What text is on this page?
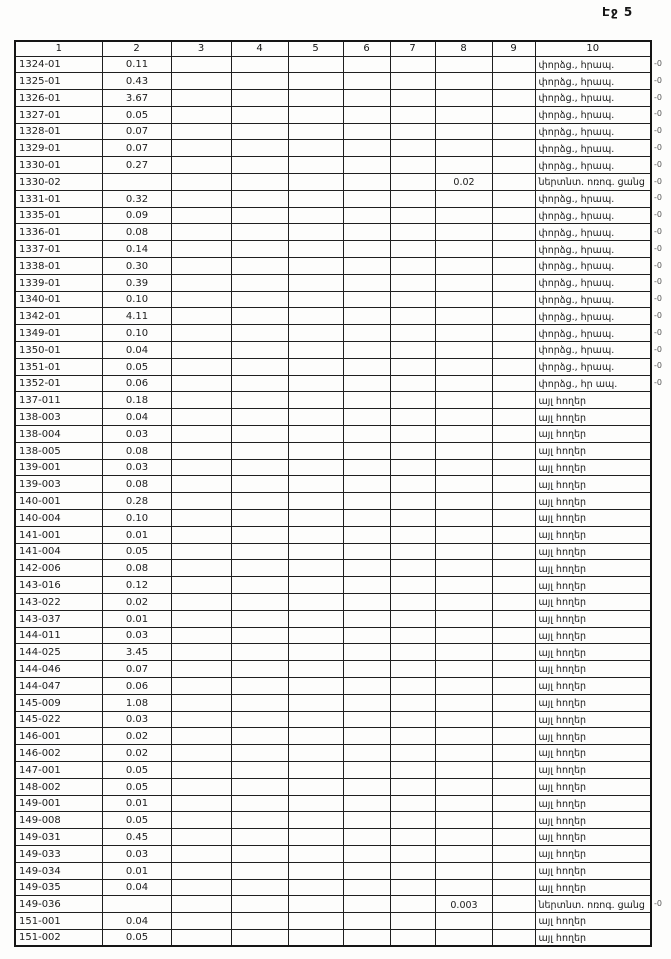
Էջ 5
1	2	3	4	5	6	7	8	9	10
1324-01	0.11								փորձց., հրապ.
1325-01	0.43								փորձց., հրապ.
1326-01	3.67								փորձց., հրապ.
1327-01	0.05								փորձց., հրապ.
1328-01	0.07								փորձց., հրապ.
1329-01	0.07								փորձց., հրապ.
1330-01	0.27								փորձց., հրապ.
1330-02							0.02		ներտնտ. ոռոգ. ցանց
1331-01	0.32								փորձց., հրապ.
1335-01	0.09								փորձց., հրապ.
1336-01	0.08								փորձց., հրապ.
1337-01	0.14								փորձց., հրապ.
1338-01	0.30								փորձց., հրապ.
1339-01	0.39								փորձց., հրապ.
1340-01	0.10								փորձց., հրապ.
1342-01	4.11								փորձց., հրապ.
1349-01	0.10								փորձց., հրապ.
1350-01	0.04								փորձց., հրապ.
1351-01	0.05								փորձց., հրապ.
1352-01	0.06								փորձց., հր ապ.
137-011	0.18								այլ հողեր
138-003	0.04								այլ հողեր
138-004	0.03								այլ հողեր
138-005	0.08								այլ հողեր
139-001	0.03								այլ հողեր
139-003	0.08								այլ հողեր
140-001	0.28								այլ հողեր
140-004	0.10								այլ հողեր
141-001	0.01								այլ հողեր
141-004	0.05								այլ հողեր
142-006	0.08								այլ հողեր
143-016	0.12								այլ հողեր
143-022	0.02								այլ հողեր
143-037	0.01								այլ հողեր
144-011	0.03								այլ հողեր
144-025	3.45								այլ հողեր
144-046	0.07								այլ հողեր
144-047	0.06								այլ հողեր
145-009	1.08								այլ հողեր
145-022	0.03								այլ հողեր
146-001	0.02								այլ հողեր
146-002	0.02								այլ հողեր
147-001	0.05								այլ հողեր
148-002	0.05								այլ հողեր
149-001	0.01								այլ հողեր
149-008	0.05								այլ հողեր
149-031	0.45								այլ հողեր
149-033	0.03								այլ հողեր
149-034	0.01								այլ հողեր
149-035	0.04								այլ հողեր
149-036							0.003		ներտնտ. ոռոգ. ցանց
151-001	0.04								այլ հողեր
151-002	0.05								այլ հողեր
-0
-0
-0
-0
-0
-0
-0
-0
-0
-0
-0
-0
-0
-0
-0
-0
-0
-0
-0
-0
-0
